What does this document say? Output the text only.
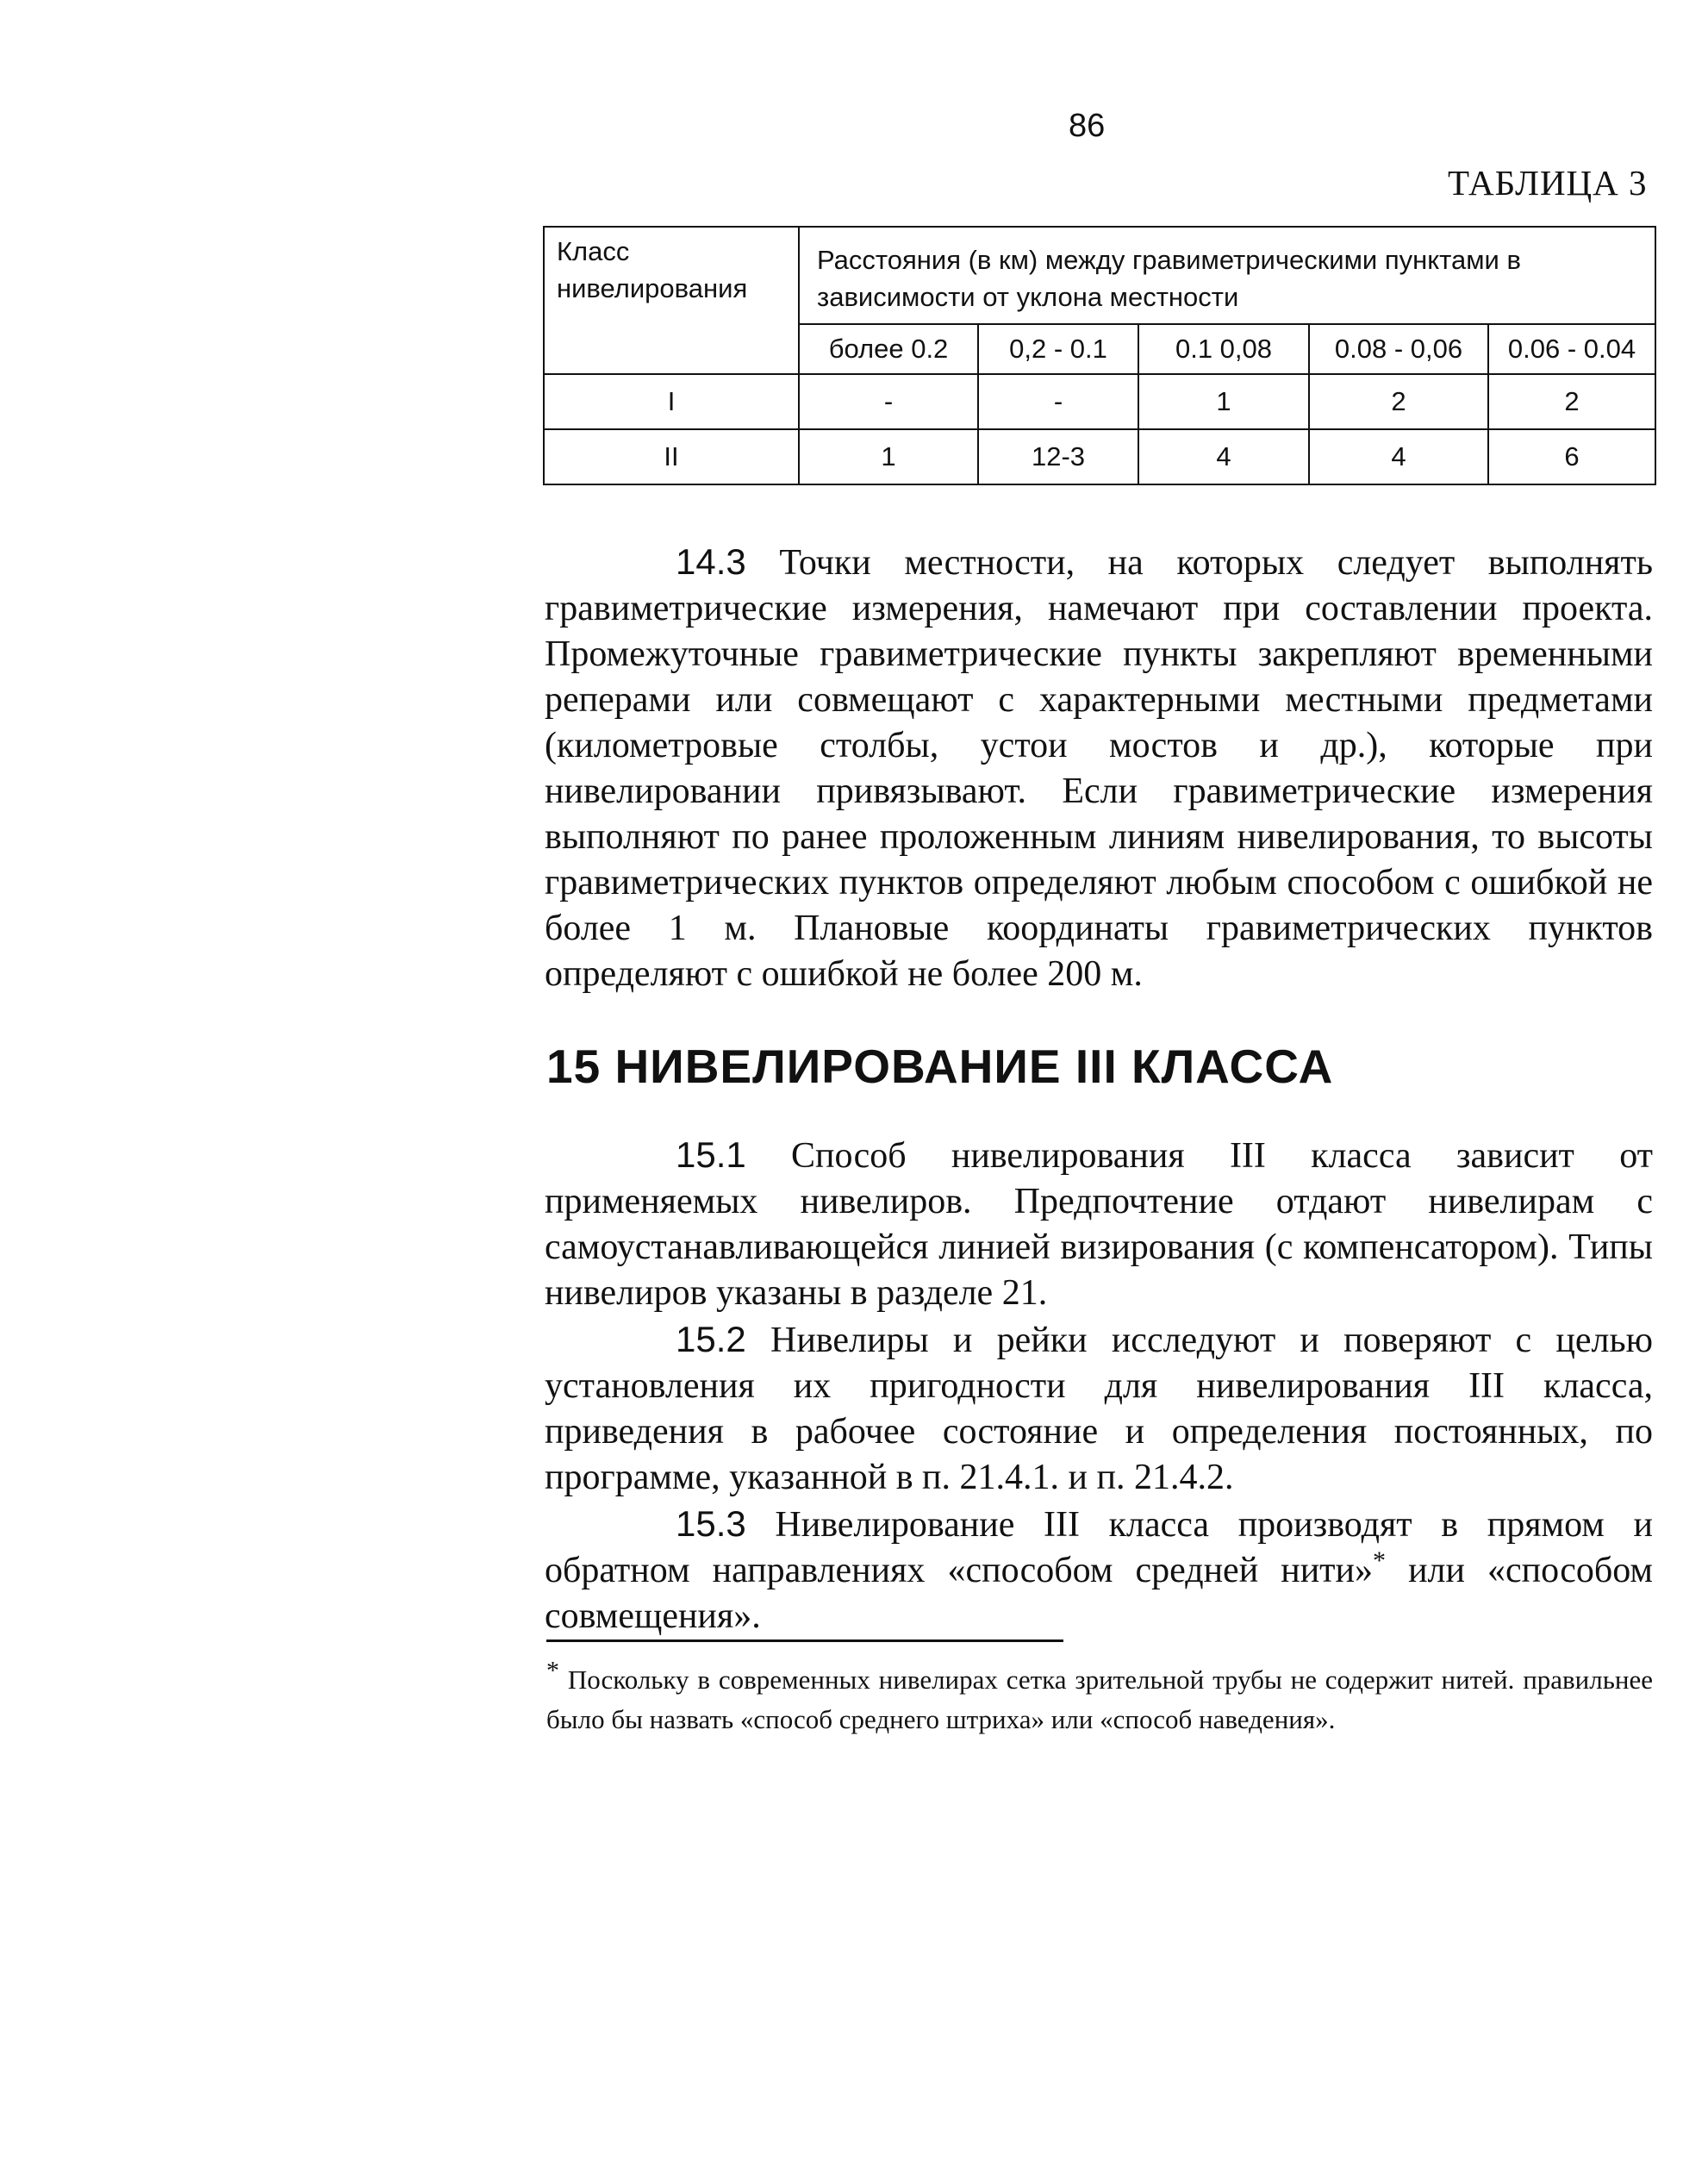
86
ТАБЛИЦА 3
Класс нивелирования	Расстояния (в км) между гравиметрическими пунктами в зависимости от уклона местности				
	более 0.2	0,2 - 0.1	0.1 0,08	0.08 - 0,06	0.06 - 0.04
I	-	-	1	2	2
II	1	12-3	4	4	6

14.3 Точки местности, на которых следует выполнять гравиметрические измерения, намечают при составлении проекта. Промежуточные гравиметрические пункты закрепляют временными реперами или совмещают с характерными местными предметами (километровые столбы, устои мостов и др.), которые при нивелировании привязывают. Если гравиметрические измерения выполняют по ранее проложенным линиям нивелирования, то высоты гравиметрических пунктов определяют любым способом с ошибкой не более 1 м. Плановые координаты гравиметрических пунктов определяют с ошибкой не более 200 м.

15 НИВЕЛИРОВАНИЕ III КЛАССА

15.1 Способ нивелирования III класса зависит от применяемых нивелиров. Предпочтение отдают нивелирам с самоустанавливающейся линией визирования (с компенсатором). Типы нивелиров указаны в разделе 21.

15.2 Нивелиры и рейки исследуют и поверяют с целью установления их пригодности для нивелирования III класса, приведения в рабочее состояние и определения постоянных, по программе, указанной в п. 21.4.1. и п. 21.4.2.

15.3 Нивелирование III класса производят в прямом и обратном направлениях «способом средней нити»* или «способом совмещения».

* Поскольку в современных нивелирах сетка зрительной трубы не содержит нитей. правильнее было бы назвать «способ среднего штриха» или «способ наведения».
